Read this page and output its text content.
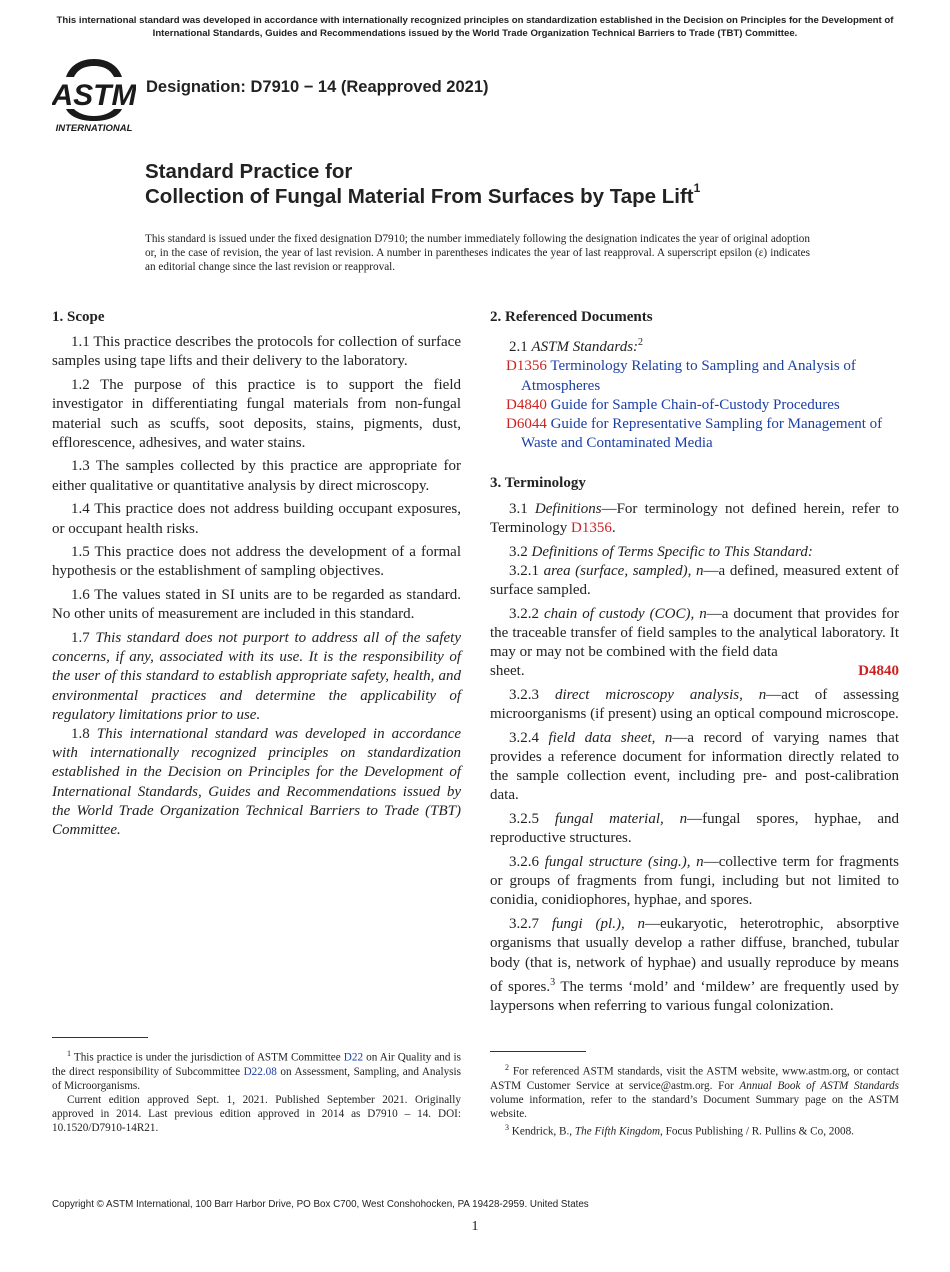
This international standard was developed in accordance with internationally recognized principles on standardization established in the Decision on Principles for the Development of International Standards, Guides and Recommendations issued by the World Trade Organization Technical Barriers to Trade (TBT) Committee.
ASTM
INTERNATIONAL
Designation: D7910 − 14 (Reapproved 2021)
Standard Practice for
Collection of Fungal Material From Surfaces by Tape Lift$^1$
This standard is issued under the fixed designation D7910; the number immediately following the designation indicates the year of original adoption or, in the case of revision, the year of last revision. A number in parentheses indicates the year of last reapproval. A superscript epsilon (ε) indicates an editorial change since the last revision or reapproval.
1. Scope
1.1 This practice describes the protocols for collection of surface samples using tape lifts and their delivery to the laboratory.
1.2 The purpose of this practice is to support the field investigator in differentiating fungal materials from non-fungal material such as scuffs, soot deposits, stains, pigments, dust, efflorescence, adhesives, and water stains.
1.3 The samples collected by this practice are appropriate for either qualitative or quantitative analysis by direct microscopy.
1.4 This practice does not address building occupant exposures, or occupant health risks.
1.5 This practice does not address the development of a formal hypothesis or the establishment of sampling objectives.
1.6 The values stated in SI units are to be regarded as standard. No other units of measurement are included in this standard.
1.7 This standard does not purport to address all of the safety concerns, if any, associated with its use. It is the responsibility of the user of this standard to establish appropriate safety, health, and environmental practices and determine the applicability of regulatory limitations prior to use.
1.8 This international standard was developed in accordance with internationally recognized principles on standardization established in the Decision on Principles for the Development of International Standards, Guides and Recommendations issued by the World Trade Organization Technical Barriers to Trade (TBT) Committee.

$^1$ This practice is under the jurisdiction of ASTM Committee D22 on Air Quality and is the direct responsibility of Subcommittee D22.08 on Assessment, Sampling, and Analysis of Microorganisms.

Current edition approved Sept. 1, 2021. Published September 2021. Originally approved in 2014. Last previous edition approved in 2014 as D7910 – 14. DOI: 10.1520/D7910-14R21.

2. Referenced Documents
2.1 ASTM Standards:$^2$
D1356 Terminology Relating to Sampling and Analysis of Atmospheres
D4840 Guide for Sample Chain-of-Custody Procedures
D6044 Guide for Representative Sampling for Management of Waste and Contaminated Media
3. Terminology
3.1 Definitions—For terminology not defined herein, refer to Terminology D1356.
3.2 Definitions of Terms Specific to This Standard:
3.2.1 area (surface, sampled), n—a defined, measured extent of surface sampled.
3.2.2 chain of custody (COC), n—a document that provides for the traceable transfer of field samples to the analytical laboratory. It may or may not be combined with the field data
sheet.	D4840
3.2.3 direct microscopy analysis, n—act of assessing microorganisms (if present) using an optical compound microscope.
3.2.4 field data sheet, n—a record of varying names that provides a reference document for information directly related to the sample collection event, including pre- and post-calibration data.
3.2.5 fungal material, n—fungal spores, hyphae, and reproductive structures.
3.2.6 fungal structure (sing.), n—collective term for fragments or groups of fragments from fungi, including but not limited to conidia, conidiophores, hyphae, and spores.
3.2.7 fungi (pl.), n—eukaryotic, heterotrophic, absorptive organisms that usually develop a rather diffuse, branched, tubular body (that is, network of hyphae) and usually reproduce by means of spores.$^3$ The terms ‘mold’ and ‘mildew’ are frequently used by laypersons when referring to various fungal colonization.

$^2$ For referenced ASTM standards, visit the ASTM website, www.astm.org, or contact ASTM Customer Service at service@astm.org. For Annual Book of ASTM Standards volume information, refer to the standard’s Document Summary page on the ASTM website.

$^3$ Kendrick, B., The Fifth Kingdom, Focus Publishing / R. Pullins & Co, 2008.

Copyright © ASTM International, 100 Barr Harbor Drive, PO Box C700, West Conshohocken, PA 19428-2959. United States
1
